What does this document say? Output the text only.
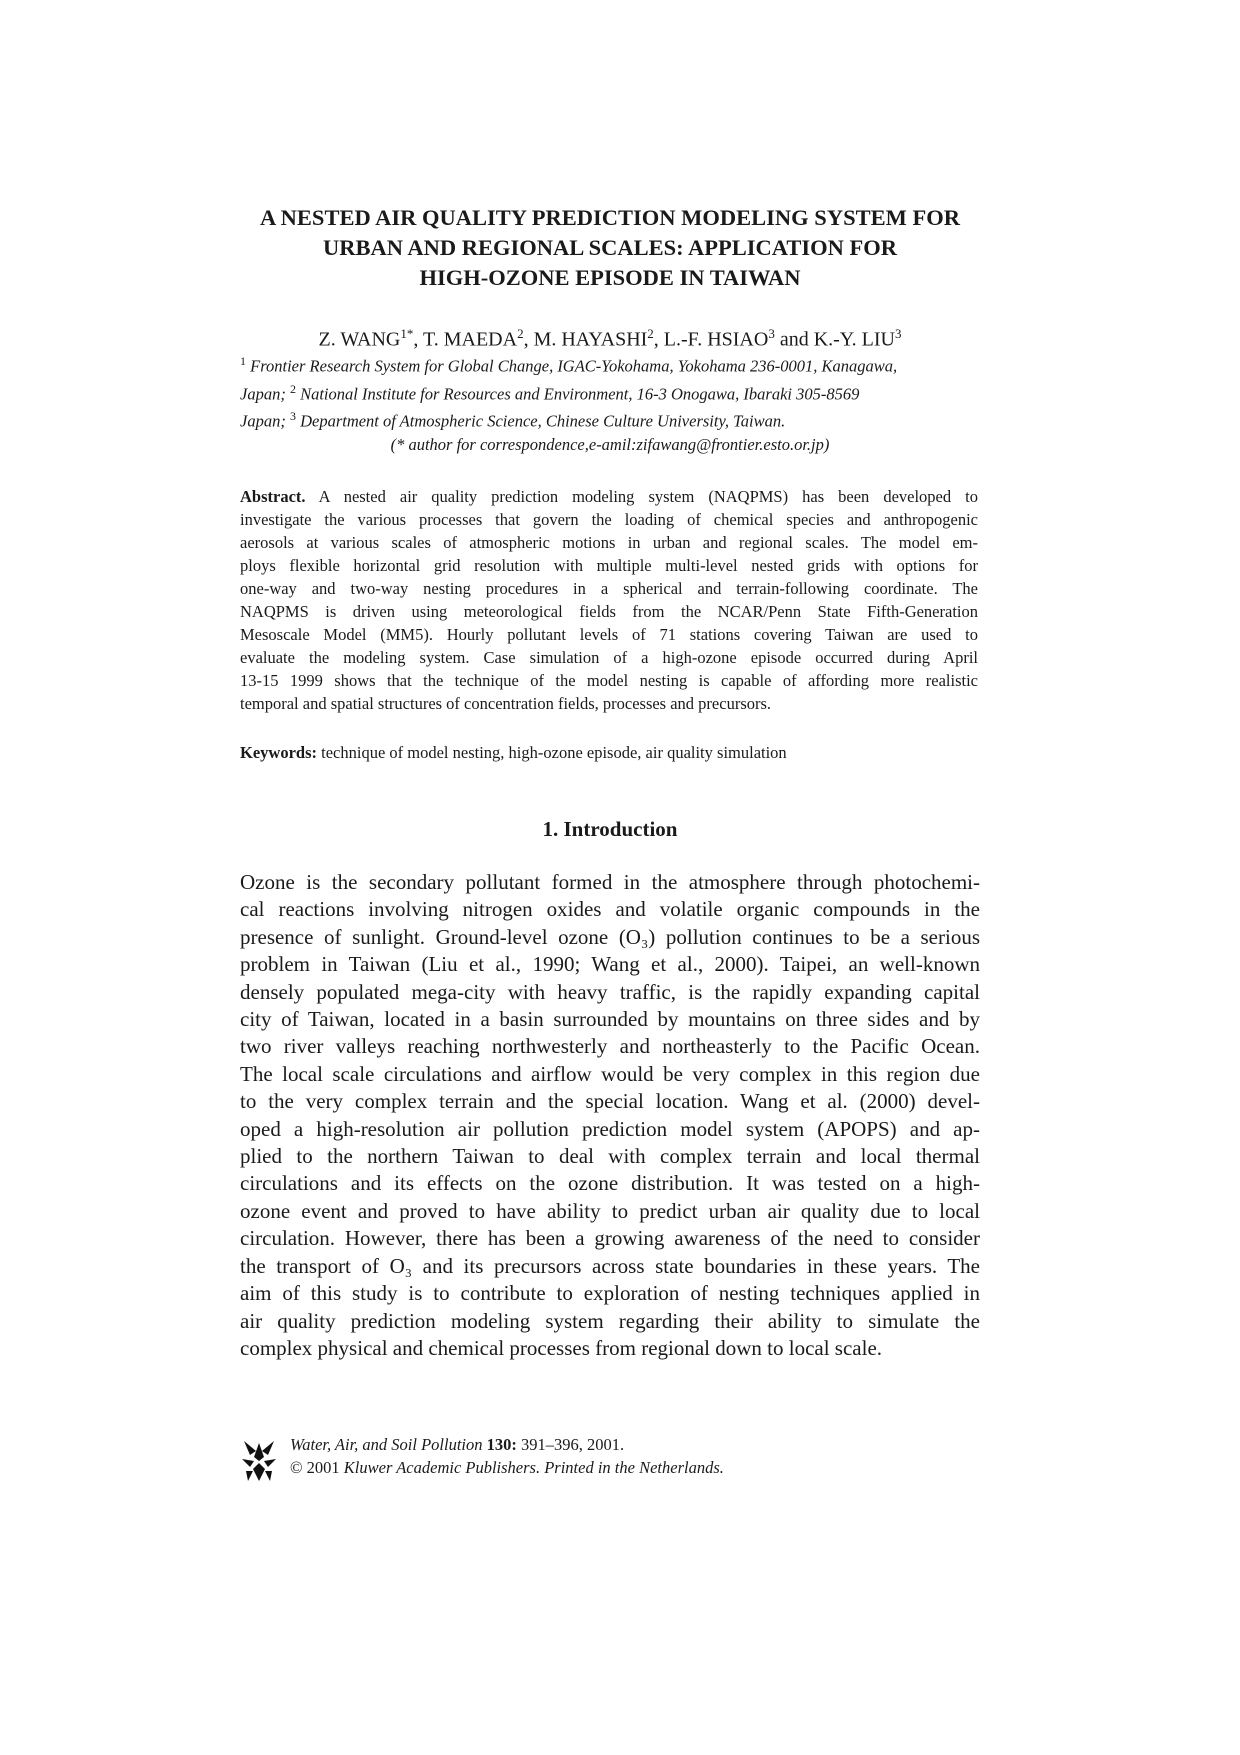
A NESTED AIR QUALITY PREDICTION MODELING SYSTEM FOR
URBAN AND REGIONAL SCALES: APPLICATION FOR
HIGH-OZONE EPISODE IN TAIWAN
Z. $WANG^{1*}$, T. MAEDA$^2$, M. HAYASHI$^2$, L.-F. HSIAO$^3$ and K.-Y. LIU$^3$
$^1$ Frontier Research System for Global Change, IGAC-Yokohama, Yokohama 236-0001, Kanagawa,
Japan; $^2$ National Institute for Resources and Environment, 16-3 Onogawa, Ibaraki 305-8569
Japan; $^3$ Department of Atmospheric Science, Chinese Culture University, Taiwan.
(* author for correspondence,e-amil:zifawang@frontier.esto.or.jp)
Abstract. A nested air quality prediction modeling system (NAQPMS) has been developed to
investigate the various processes that govern the loading of chemical species and anthropogenic
aerosols at various scales of atmospheric motions in urban and regional scales. The model em-
ploys flexible horizontal grid resolution with multiple multi-level nested grids with options for
one-way and two-way nesting procedures in a spherical and terrain-following coordinate. The
NAQPMS is driven using meteorological fields from the NCAR/Penn State Fifth-Generation
Mesoscale Model (MM5). Hourly pollutant levels of 71 stations covering Taiwan are used to
evaluate the modeling system. Case simulation of a high-ozone episode occurred during April
13-15 1999 shows that the technique of the model nesting is capable of affording more realistic
temporal and spatial structures of concentration fields, processes and precursors.
Keywords: technique of model nesting, high-ozone episode, air quality simulation
1. Introduction
Ozone is the secondary pollutant formed in the atmosphere through photochemi-
cal reactions involving nitrogen oxides and volatile organic compounds in the
presence of sunlight. Ground-level ozone (O₃) pollution continues to be a serious
problem in Taiwan (Liu et al., 1990; Wang et al., 2000). Taipei, an well-known
densely populated mega-city with heavy traffic, is the rapidly expanding capital
city of Taiwan, located in a basin surrounded by mountains on three sides and by
two river valleys reaching northwesterly and northeasterly to the Pacific Ocean.
The local scale circulations and airflow would be very complex in this region due
to the very complex terrain and the special location. Wang et al. (2000) devel-
oped a high-resolution air pollution prediction model system (APOPS) and ap-
plied to the northern Taiwan to deal with complex terrain and local thermal
circulations and its effects on the ozone distribution. It was tested on a high-
ozone event and proved to have ability to predict urban air quality due to local
circulation. However, there has been a growing awareness of the need to consider
the transport of O₃ and its precursors across state boundaries in these years. The
aim of this study is to contribute to exploration of nesting techniques applied in
air quality prediction modeling system regarding their ability to simulate the
complex physical and chemical processes from regional down to local scale.
Water, Air, and Soil Pollution 130: 391–396, 2001.
© 2001 Kluwer Academic Publishers. Printed in the Netherlands.
